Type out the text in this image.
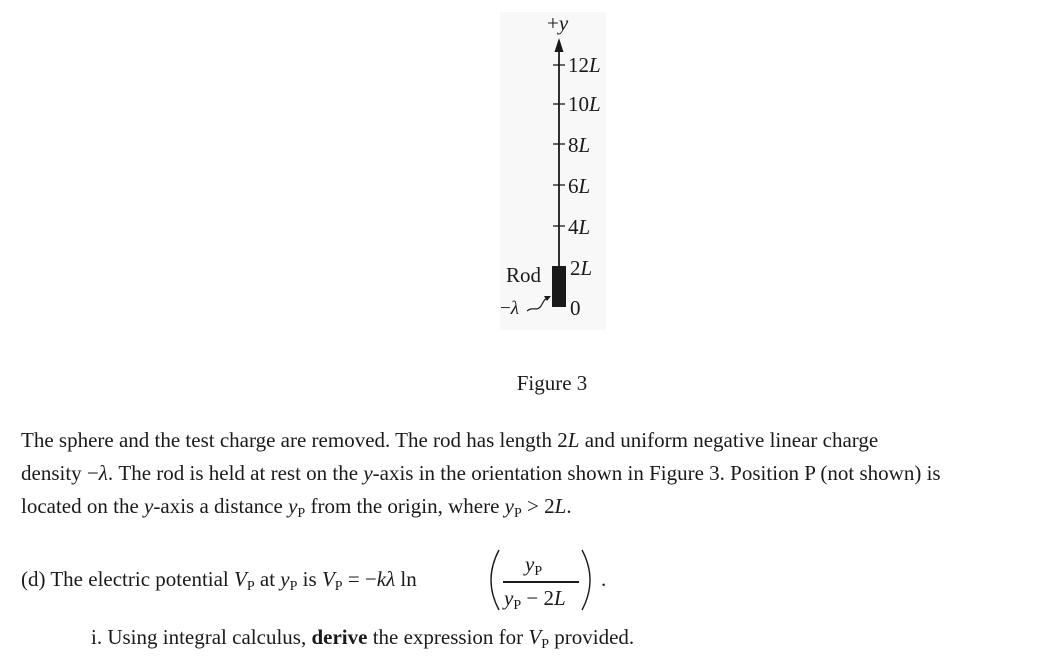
+y
12L
10L
8L
6L
4L
2L
0
Rod
−λ
Figure 3
The sphere and the test charge are removed. The rod has length 2L and uniform negative linear charge
density −λ. The rod is held at rest on the y-axis in the orientation shown in Figure 3. Position P (not shown) is
located on the y-axis a distance $y_P$ from the origin, where $y_P > 2L$.
(d) The electric potential $V_P$ at $y_P$ is $V_P = -k\lambda$ ln
$y_P$
$y_P - 2L$
.
i. Using integral calculus, derive the expression for $V_P$ provided.
